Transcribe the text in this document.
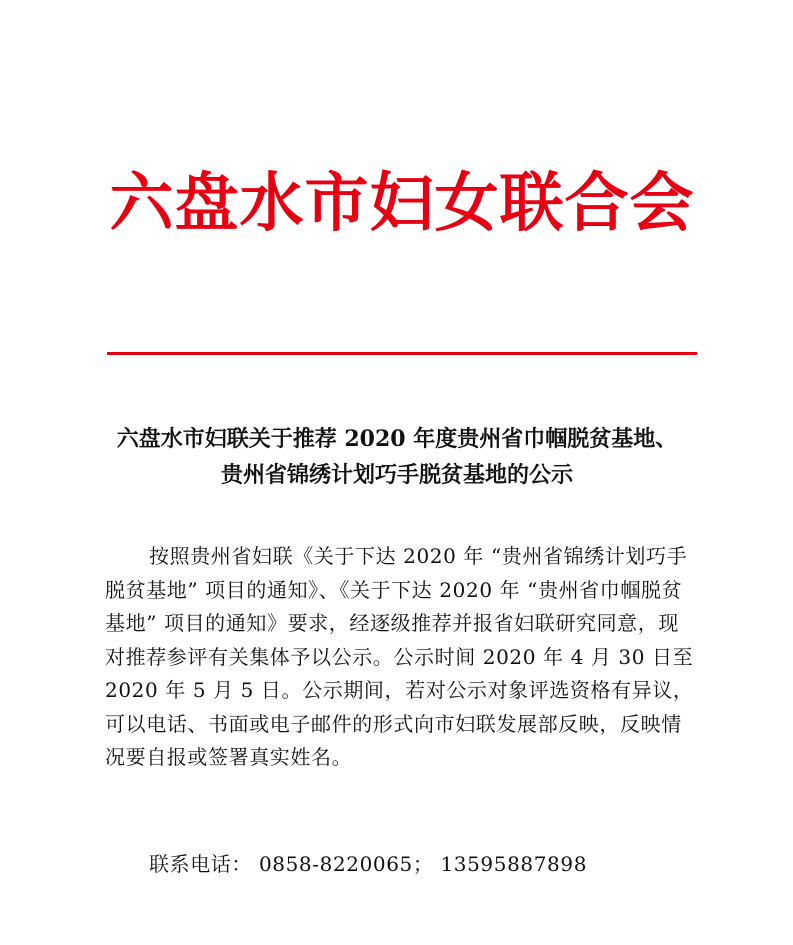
六盘水市妇女联合会
六盘水市妇联关于推荐 2020 年度贵州省巾帼脱贫基地、
贵州省锦绣计划巧手脱贫基地的公示
按照贵州省妇联《关于下达 2020 年 “贵州省锦绣计划巧手
脱贫基地” 项目的通知》、《关于下达 2020 年 “贵州省巾帼脱贫
基地” 项目的通知》要求，经逐级推荐并报省妇联研究同意，现
对推荐参评有关集体予以公示。公示时间 2020 年 4 月 30 日至
2020 年 5 月 5 日。公示期间，若对公示对象评选资格有异议，
可以电话、书面或电子邮件的形式向市妇联发展部反映，反映情
况要自报或签署真实姓名。
联系电话： 0858-8220065； 13595887898
